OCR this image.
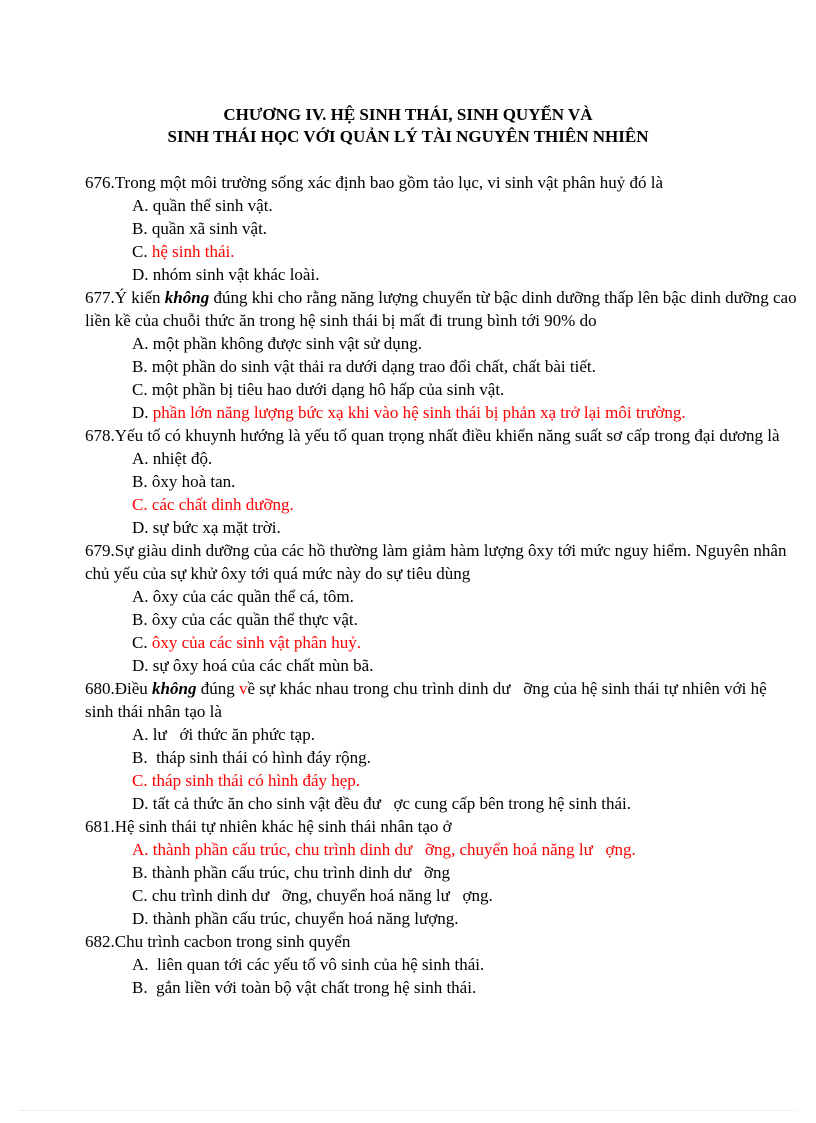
CHƯƠNG IV. HỆ SINH THÁI, SINH QUYỂN VÀ
SINH THÁI HỌC VỚI QUẢN LÝ TÀI NGUYÊN THIÊN NHIÊN
676.Trong một môi trường sống xác định bao gồm tảo lục, vi sinh vật phân huỷ đó là
A. quần thể sinh vật.
B. quần xã sinh vật.
C. hệ sinh thái.
D. nhóm sinh vật khác loài.
677.Ý kiến không đúng khi cho rằng năng lượng chuyển từ bậc dinh dưỡng thấp lên bậc dinh dưỡng cao liền kề của chuỗi thức ăn trong hệ sinh thái bị mất đi trung bình tới 90% do
A. một phần không được sinh vật sử dụng.
B. một phần do sinh vật thải ra dưới dạng trao đổi chất, chất bài tiết.
C. một phần bị tiêu hao dưới dạng hô hấp của sinh vật.
D. phần lớn năng lượng bức xạ khi vào hệ sinh thái bị phản xạ trở lại môi trường.
678.Yếu tố có khuynh hướng là yếu tố quan trọng nhất điều khiển năng suất sơ cấp trong đại dương là
A. nhiệt độ.
B. ôxy hoà tan.
C. các chất dinh dưỡng.
D. sự bức xạ mặt trời.
679.Sự giàu dinh dưỡng của các hồ thường làm giảm hàm lượng ôxy tới mức nguy hiểm. Nguyên nhân chủ yếu của sự khử ôxy tới quá mức này do sự tiêu dùng
A. ôxy của các quần thể cá, tôm.
B. ôxy của các quần thể thực vật.
C. ôxy của các sinh vật phân huỷ.
D. sự ôxy hoá của các chất mùn bã.
680.Điều không đúng về sự khác nhau trong chu trình dinh dư   ỡng của hệ sinh thái tự nhiên với hệ sinh thái nhân tạo là
A. lư   ới thức ăn phức tạp.
B.  tháp sinh thái có hình đáy rộng.
C. tháp sinh thái có hình đáy hẹp.
D. tất cả thức ăn cho sinh vật đều đư   ợc cung cấp bên trong hệ sinh thái.
681.Hệ sinh thái tự nhiên khác hệ sinh thái nhân tạo ở
A. thành phần cấu trúc, chu trình dinh dư   ỡng, chuyển hoá năng lư   ợng.
B. thành phần cấu trúc, chu trình dinh dư   ỡng
C. chu trình dinh dư   ỡng, chuyển hoá năng lư   ợng.
D. thành phần cấu trúc, chuyển hoá năng lượng.
682.Chu trình cacbon trong sinh quyển
A.  liên quan tới các yếu tố vô sinh của hệ sinh thái.
B.  gắn liền với toàn bộ vật chất trong hệ sinh thái.
